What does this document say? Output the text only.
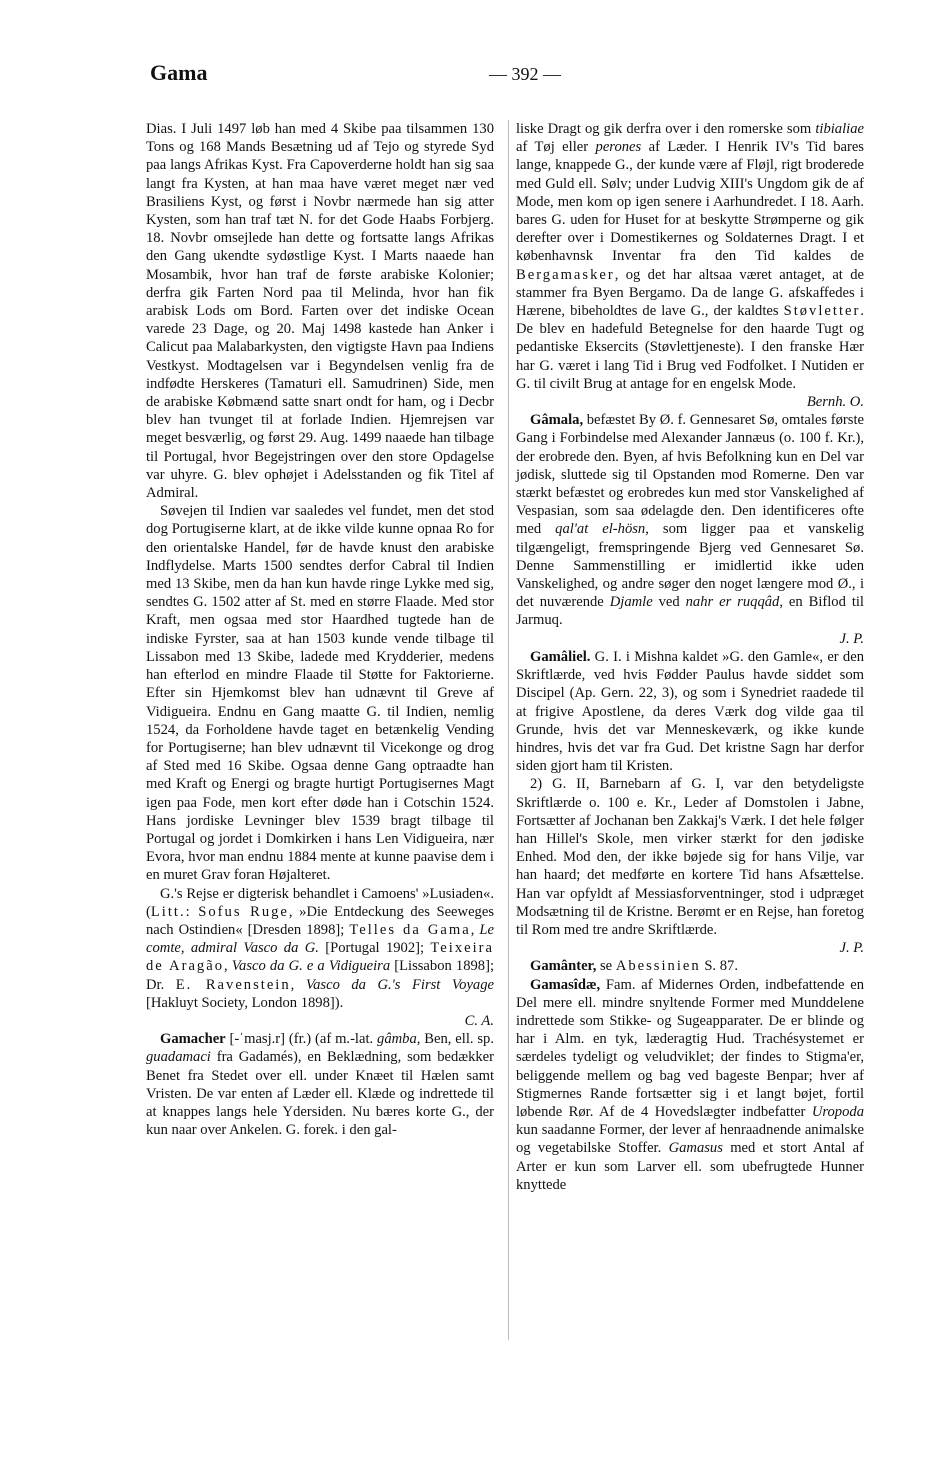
Gama	— 392 —

Dias. I Juli 1497 løb han med 4 Skibe paa tilsammen 130 Tons og 168 Mands Besætning ud af Tejo og styrede Syd paa langs Afrikas Kyst. Fra Capoverderne holdt han sig saa langt fra Kysten, at han maa have været meget nær ved Brasiliens Kyst, og først i Novbr nærmede han sig atter Kysten, som han traf tæt N. for det Gode Haabs Forbjerg. 18. Novbr omsejlede han dette og fortsatte langs Afrikas den Gang ukendte sydøstlige Kyst. I Marts naaede han Mosambik, hvor han traf de første arabiske Kolonier; derfra gik Farten Nord paa til Melinda, hvor han fik arabisk Lods om Bord. Farten over det indiske Ocean varede 23 Dage, og 20. Maj 1498 kastede han Anker i Calicut paa Malabarkysten, den vigtigste Havn paa Indiens Vestkyst. Modtagelsen var i Begyndelsen venlig fra de indfødte Herskeres (Tamaturi ell. Samudrinen) Side, men de arabiske Købmænd satte snart ondt for ham, og i Decbr blev han tvunget til at forlade Indien. Hjemrejsen var meget besværlig, og først 29. Aug. 1499 naaede han tilbage til Portugal, hvor Begejstringen over den store Opdagelse var uhyre. G. blev ophøjet i Adelsstanden og fik Titel af Admiral.

Søvejen til Indien var saaledes vel fundet, men det stod dog Portugiserne klart, at de ikke vilde kunne opnaa Ro for den orientalske Handel, før de havde knust den arabiske Indflydelse. Marts 1500 sendtes derfor Cabral til Indien med 13 Skibe, men da han kun havde ringe Lykke med sig, sendtes G. 1502 atter af St. med en større Flaade. Med stor Kraft, men ogsaa med stor Haardhed tugtede han de indiske Fyrster, saa at han 1503 kunde vende tilbage til Lissabon med 13 Skibe, ladede med Krydderier, medens han efterlod en mindre Flaade til Støtte for Faktorierne. Efter sin Hjemkomst blev han udnævnt til Greve af Vidigueira. Endnu en Gang maatte G. til Indien, nemlig 1524, da Forholdene havde taget en betænkelig Vending for Portugiserne; han blev udnævnt til Vicekonge og drog af Sted med 16 Skibe. Ogsaa denne Gang optraadte han med Kraft og Energi og bragte hurtigt Portugisernes Magt igen paa Fode, men kort efter døde han i Cotschin 1524. Hans jordiske Levninger blev 1539 bragt tilbage til Portugal og jordet i Domkirken i hans Len Vidigueira, nær Evora, hvor man endnu 1884 mente at kunne paavise dem i en muret Grav foran Højalteret.

G.'s Rejse er digterisk behandlet i Camoens' »Lusiaden«. (Litt.: Sofus Ruge, »Die Entdeckung des Seeweges nach Ostindien« [Dresden 1898]; Telles da Gama, Le comte, admiral Vasco da G. [Portugal 1902]; Teixeira de Aragão, Vasco da G. e a Vidigueira [Lissabon 1898]; Dr. E. Ravenstein, Vasco da G.'s First Voyage [Hakluyt Society, London 1898]).
C. A.

Gamacher [-ˈmasj.r] (fr.) (af m.-lat. gâmba, Ben, ell. sp. guadamaci fra Gadamés), en Beklædning, som bedækker Benet fra Stedet over ell. under Knæet til Hælen samt Vristen. De var enten af Læder ell. Klæde og indrettede til at knappes langs hele Ydersiden. Nu bæres korte G., der kun naar over Ankelen. G. forek. i den gal-

liske Dragt og gik derfra over i den romerske som tibialiae af Tøj eller perones af Læder. I Henrik IV's Tid bares lange, knappede G., der kunde være af Fløjl, rigt broderede med Guld ell. Sølv; under Ludvig XIII's Ungdom gik de af Mode, men kom op igen senere i Aarhundredet. I 18. Aarh. bares G. uden for Huset for at beskytte Strømperne og gik derefter over i Domestikernes og Soldaternes Dragt. I et københavnsk Inventar fra den Tid kaldes de Bergamasker, og det har altsaa været antaget, at de stammer fra Byen Bergamo. Da de lange G. afskaffedes i Hærene, bibeholdtes de lave G., der kaldtes Støvletter. De blev en hadefuld Betegnelse for den haarde Tugt og pedantiske Eksercits (Støvlettjeneste). I den franske Hær har G. været i lang Tid i Brug ved Fodfolket. I Nutiden er G. til civilt Brug at antage for en engelsk Mode.
Bernh. O.

Gâmala, befæstet By Ø. f. Gennesaret Sø, omtales første Gang i Forbindelse med Alexander Jannæus (o. 100 f. Kr.), der erobrede den. Byen, af hvis Befolkning kun en Del var jødisk, sluttede sig til Opstanden mod Romerne. Den var stærkt befæstet og erobredes kun med stor Vanskelighed af Vespasian, som saa ødelagde den. Den identificeres ofte med qal'at el-hösn, som ligger paa et vanskelig tilgængeligt, fremspringende Bjerg ved Gennesaret Sø. Denne Sammenstilling er imidlertid ikke uden Vanskelighed, og andre søger den noget længere mod Ø., i det nuværende Djamle ved nahr er ruqqâd, en Biflod til Jarmuq.
J. P.

Gamâliel. G. I. i Mishna kaldet »G. den Gamle«, er den Skriftlærde, ved hvis Fødder Paulus havde siddet som Discipel (Ap. Gern. 22, 3), og som i Synedriet raadede til at frigive Apostlene, da deres Værk dog vilde gaa til Grunde, hvis det var Menneskeværk, og ikke kunde hindres, hvis det var fra Gud. Det kristne Sagn har derfor siden gjort ham til Kristen.

2) G. II, Barnebarn af G. I, var den betydeligste Skriftlærde o. 100 e. Kr., Leder af Domstolen i Jabne, Fortsætter af Jochanan ben Zakkaj's Værk. I det hele følger han Hillel's Skole, men virker stærkt for den jødiske Enhed. Mod den, der ikke bøjede sig for hans Vilje, var han haard; det medførte en kortere Tid hans Afsættelse. Han var opfyldt af Messiasforventninger, stod i udpræget Modsætning til de Kristne. Berømt er en Rejse, han foretog til Rom med tre andre Skriftlærde.
J. P.

Gamânter, se Abessinien S. 87.

Gamasîdæ, Fam. af Midernes Orden, indbefattende en Del mere ell. mindre snyltende Former med Munddelene indrettede som Stikke- og Sugeapparater. De er blinde og har i Alm. en tyk, læderagtig Hud. Trachésystemet er særdeles tydeligt og veludviklet; der findes to Stigma'er, beliggende mellem og bag ved bageste Benpar; hver af Stigmernes Rande fortsætter sig i et langt bøjet, fortil løbende Rør. Af de 4 Hovedslægter indbefatter Uropoda kun saadanne Former, der lever af henraadnende animalske og vegetabilske Stoffer. Gamasus med et stort Antal af Arter er kun som Larver ell. som ubefrugtede Hunner knyttede
